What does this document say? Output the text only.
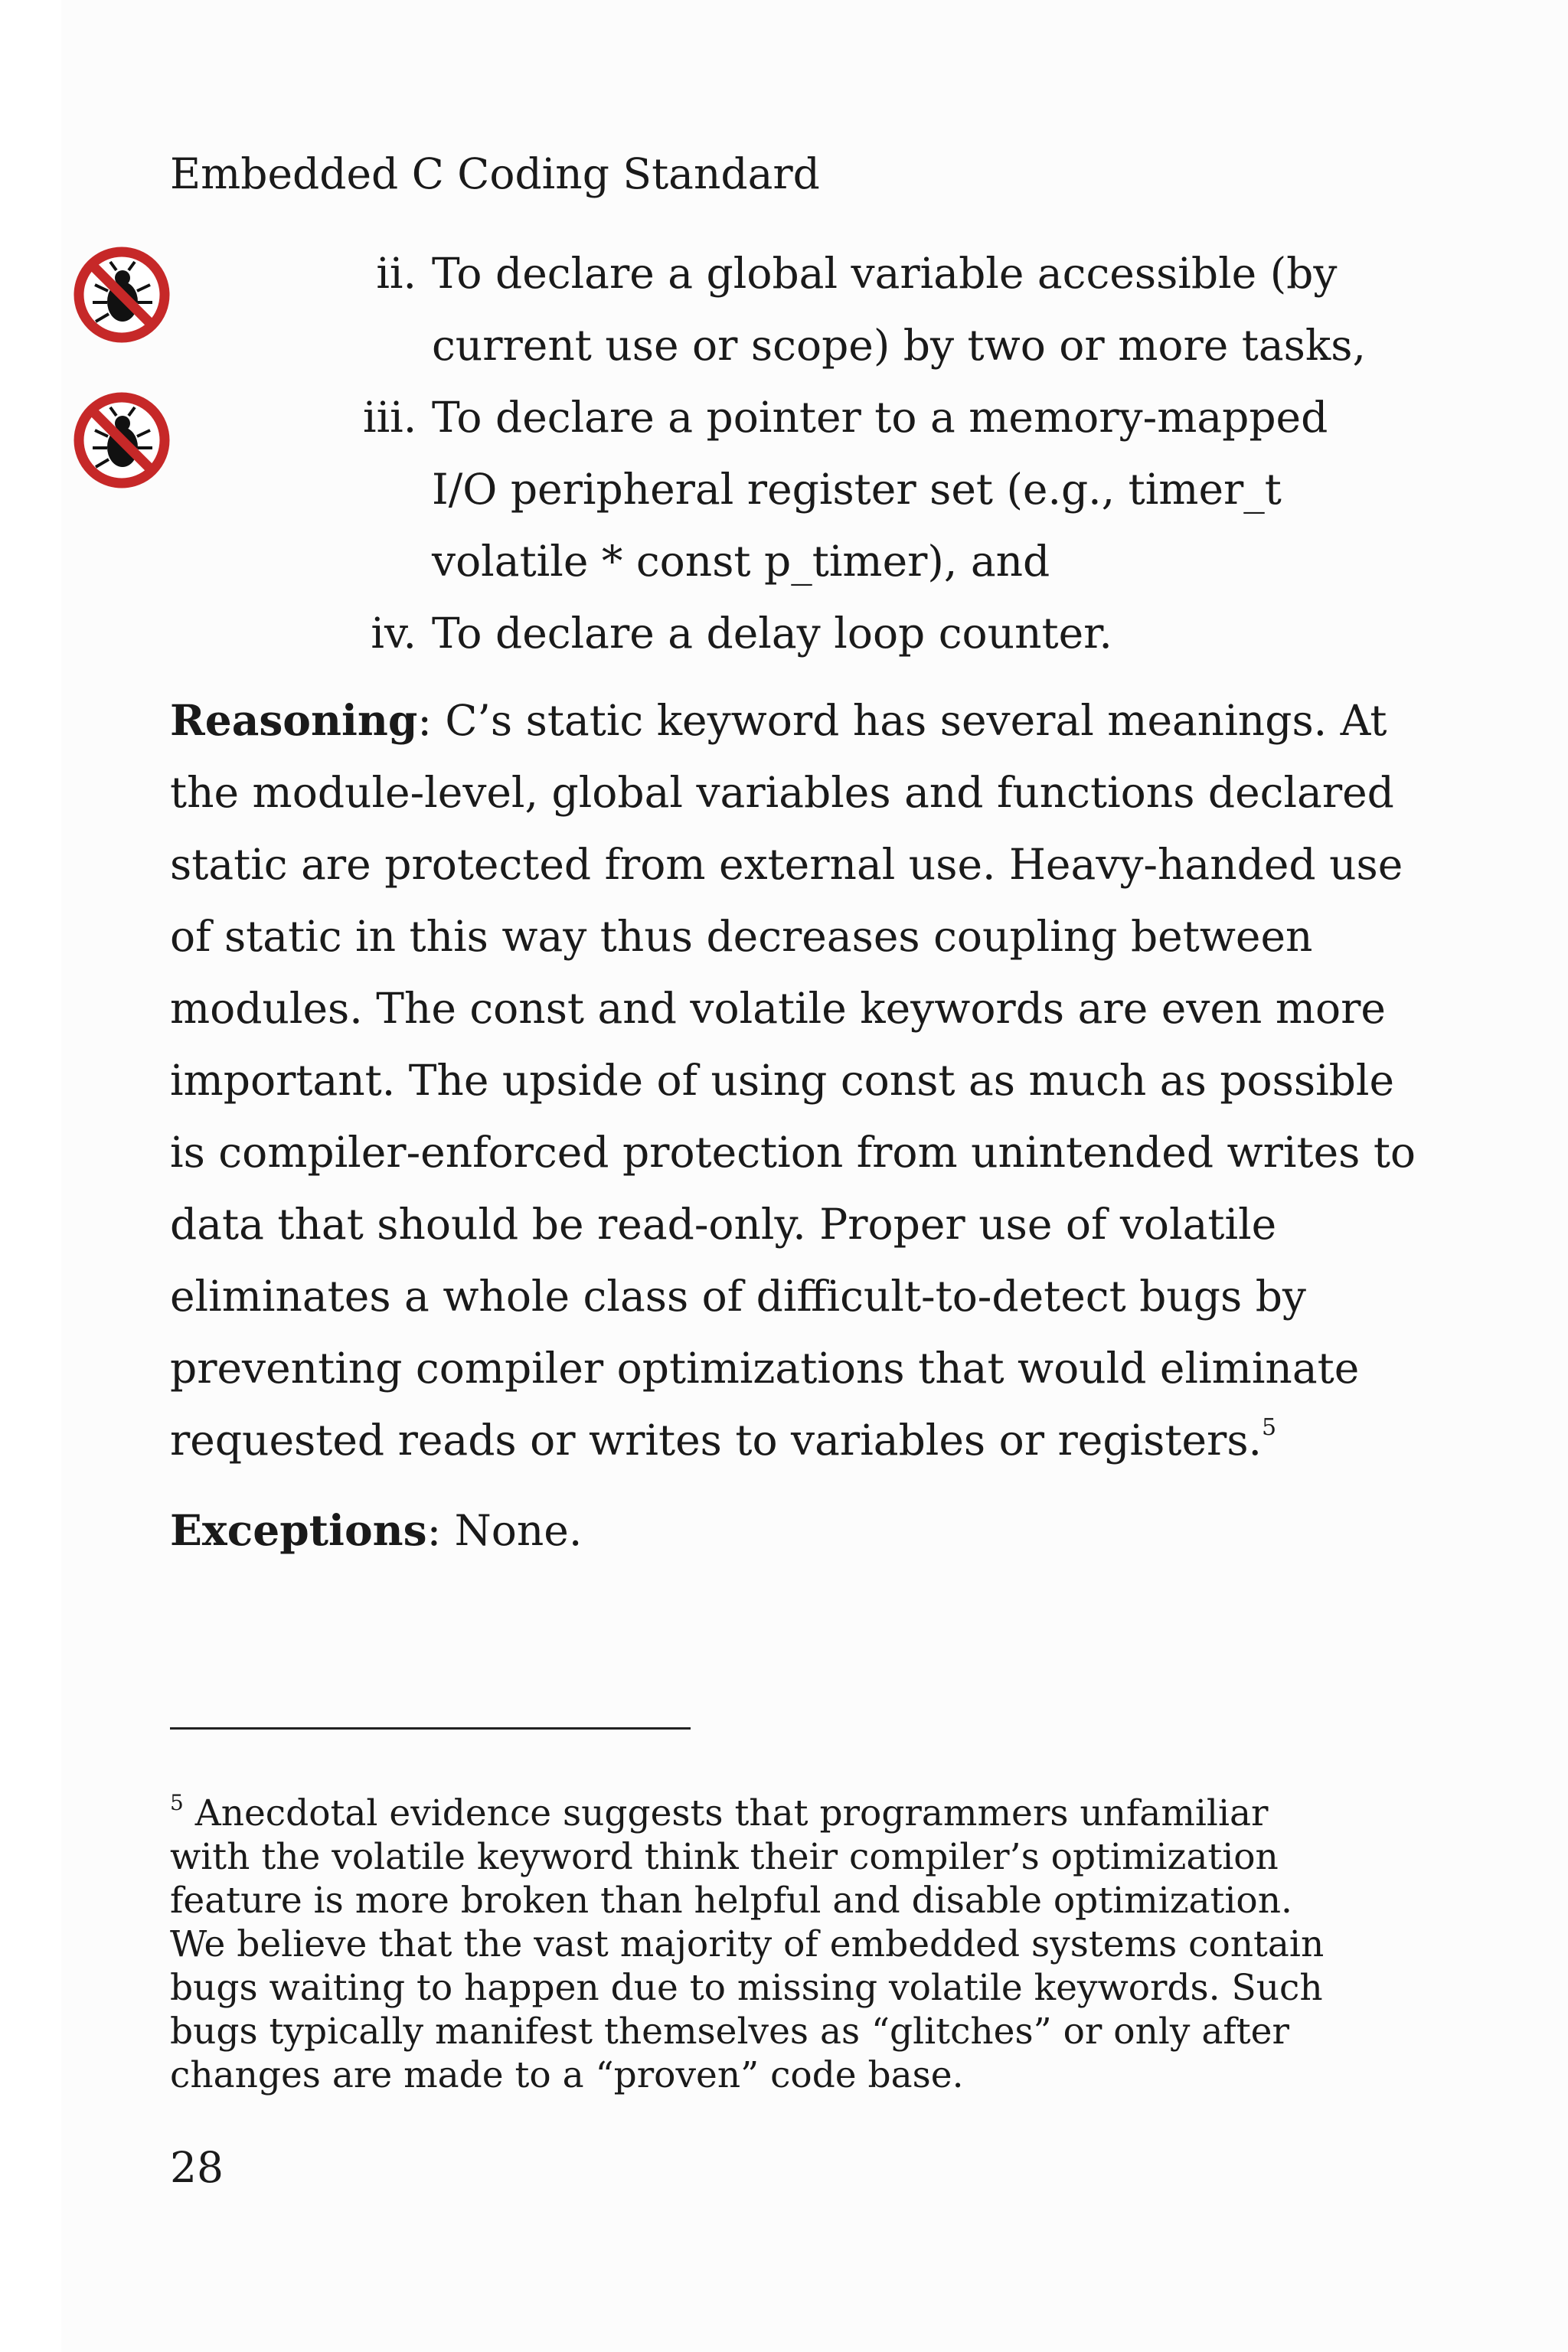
Embedded C Coding Standard
ii. To declare a global variable accessible (by
current use or scope) by two or more tasks,
iii. To declare a pointer to a memory-mapped
I/O peripheral register set (e.g., timer_t
volatile * const p_timer), and
iv. To declare a delay loop counter.
Reasoning: C’s static keyword has several meanings. At
the module-level, global variables and functions declared
static are protected from external use. Heavy-handed use
of static in this way thus decreases coupling between
modules. The const and volatile keywords are even more
important. The upside of using const as much as possible
is compiler-enforced protection from unintended writes to
data that should be read-only. Proper use of volatile
eliminates a whole class of difficult-to-detect bugs by
preventing compiler optimizations that would eliminate
requested reads or writes to variables or registers.$^5$
Exceptions: None.
$^5$ Anecdotal evidence suggests that programmers unfamiliar
with the volatile keyword think their compiler’s optimization
feature is more broken than helpful and disable optimization.
We believe that the vast majority of embedded systems contain
bugs waiting to happen due to missing volatile keywords. Such
bugs typically manifest themselves as “glitches” or only after
changes are made to a “proven” code base.
28
